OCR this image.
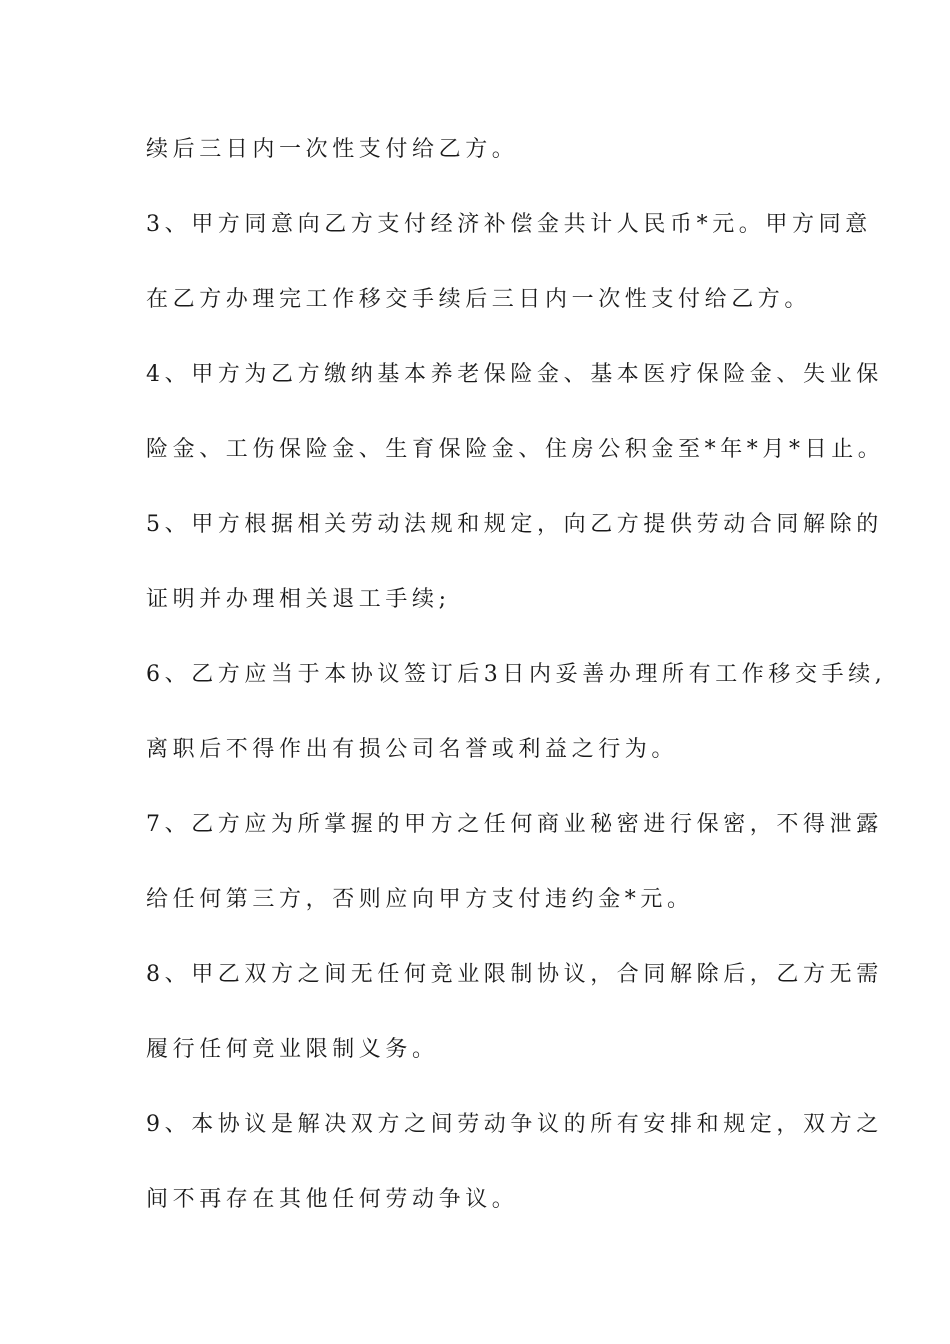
续后三日内一次性支付给乙方。
3、甲方同意向乙方支付经济补偿金共计人民币*元。甲方同意
在乙方办理完工作移交手续后三日内一次性支付给乙方。
4、甲方为乙方缴纳基本养老保险金、基本医疗保险金、失业保
险金、工伤保险金、生育保险金、住房公积金至*年*月*日止。
5、甲方根据相关劳动法规和规定，向乙方提供劳动合同解除的
证明并办理相关退工手续;
6、乙方应当于本协议签订后3日内妥善办理所有工作移交手续,
离职后不得作出有损公司名誉或利益之行为。
7、乙方应为所掌握的甲方之任何商业秘密进行保密，不得泄露
给任何第三方，否则应向甲方支付违约金*元。
8、甲乙双方之间无任何竞业限制协议，合同解除后，乙方无需
履行任何竞业限制义务。
9、本协议是解决双方之间劳动争议的所有安排和规定，双方之
间不再存在其他任何劳动争议。
